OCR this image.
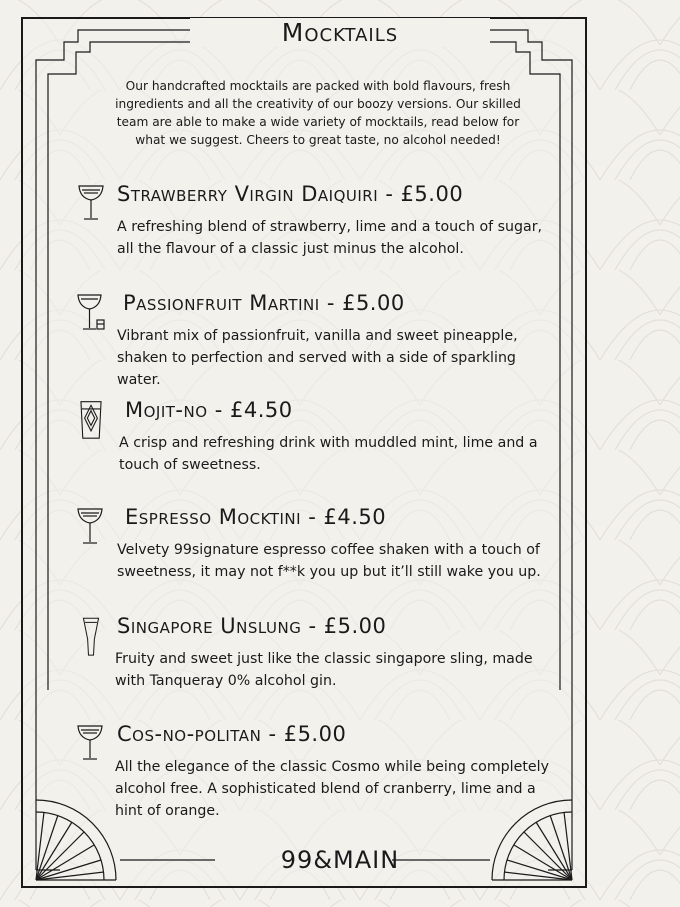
Mocktails
Our handcrafted mocktails are packed with bold flavours, fresh ingredients and all the creativity of our boozy versions. Our skilled team are able to make a wide variety of mocktails, read below for what we suggest. Cheers to great taste, no alcohol needed!
Strawberry Virgin Daiquiri - £5.00
A refreshing blend of strawberry, lime and a touch of sugar, all the flavour of a classic just minus the alcohol.
Passionfruit Martini - £5.00
Vibrant mix of passionfruit, vanilla and sweet pineapple, shaken to perfection and served with a side of sparkling water.
Mojit-no - £4.50
A crisp and refreshing drink with muddled mint, lime and a touch of sweetness.
Espresso Mocktini - £4.50
Velvety 99signature espresso coffee shaken with a touch of sweetness, it may not f**k you up but it’ll still wake you up.
Singapore Unslung - £5.00
Fruity and sweet just like the classic singapore sling, made with Tanqueray 0% alcohol gin.
Cos-no-politan - £5.00
All the elegance of the classic Cosmo while being completely alcohol free. A sophisticated blend of cranberry, lime and a hint of orange.
99&MAIN
